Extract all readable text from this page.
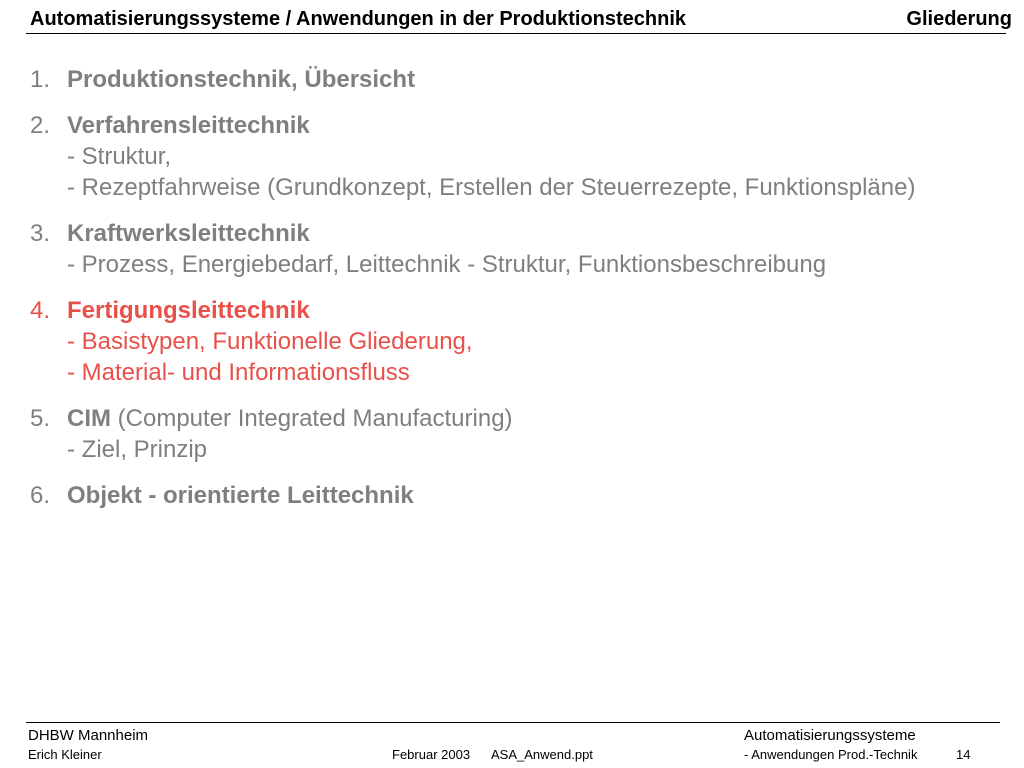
Automatisierungssysteme / Anwendungen in der Produktionstechnik	Gliederung
1. Produktionstechnik, Übersicht
2. Verfahrensleittechnik
- Struktur,
- Rezeptfahrweise (Grundkonzept, Erstellen der Steuerrezepte, Funktionspläne)
3. Kraftwerksleittechnik
- Prozess, Energiebedarf, Leittechnik - Struktur, Funktionsbeschreibung
4. Fertigungsleittechnik
- Basistypen, Funktionelle Gliederung,
- Material- und Informationsfluss
5. CIM (Computer Integrated Manufacturing)
- Ziel, Prinzip
6. Objekt - orientierte Leittechnik
DHBW Mannheim
Erich Kleiner	Februar 2003 ASA_Anwend.ppt
Automatisierungssysteme
- Anwendungen Prod.-Technik	14
